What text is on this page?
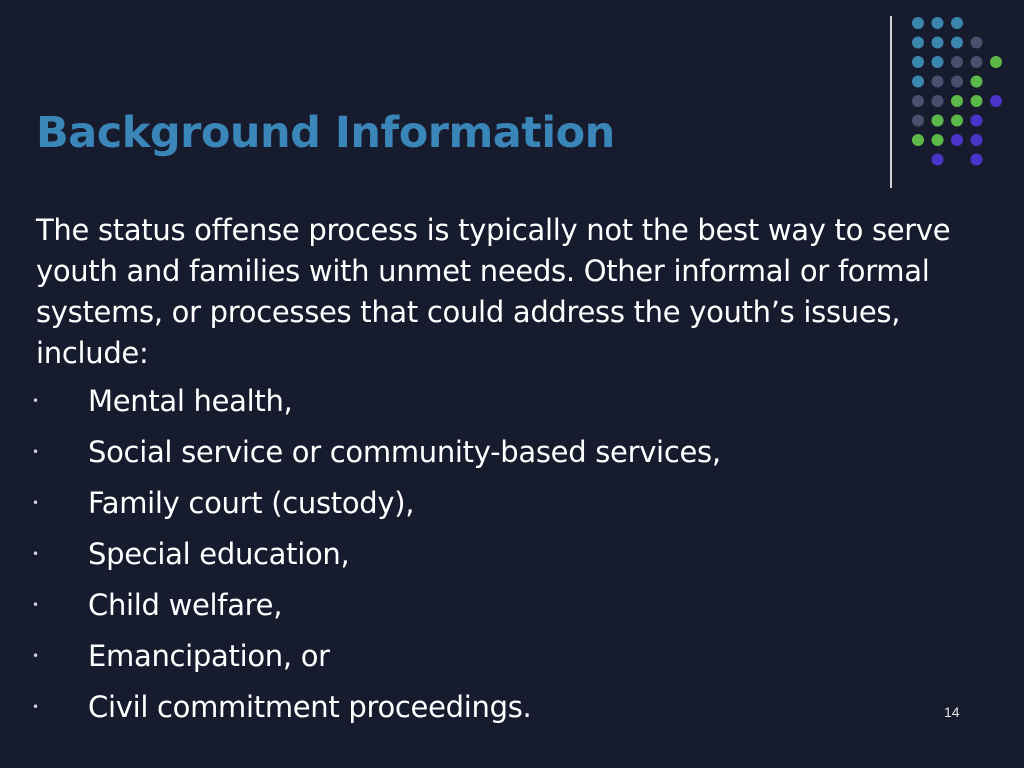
Background Information

The status offense process is typically not the best way to serve youth and families with unmet needs. Other informal or formal systems, or processes that could address the youth’s issues, include:

• Mental health,
• Social service or community-based services,
• Family court (custody),
• Special education,
• Child welfare,
• Emancipation, or
• Civil commitment proceedings.	14
